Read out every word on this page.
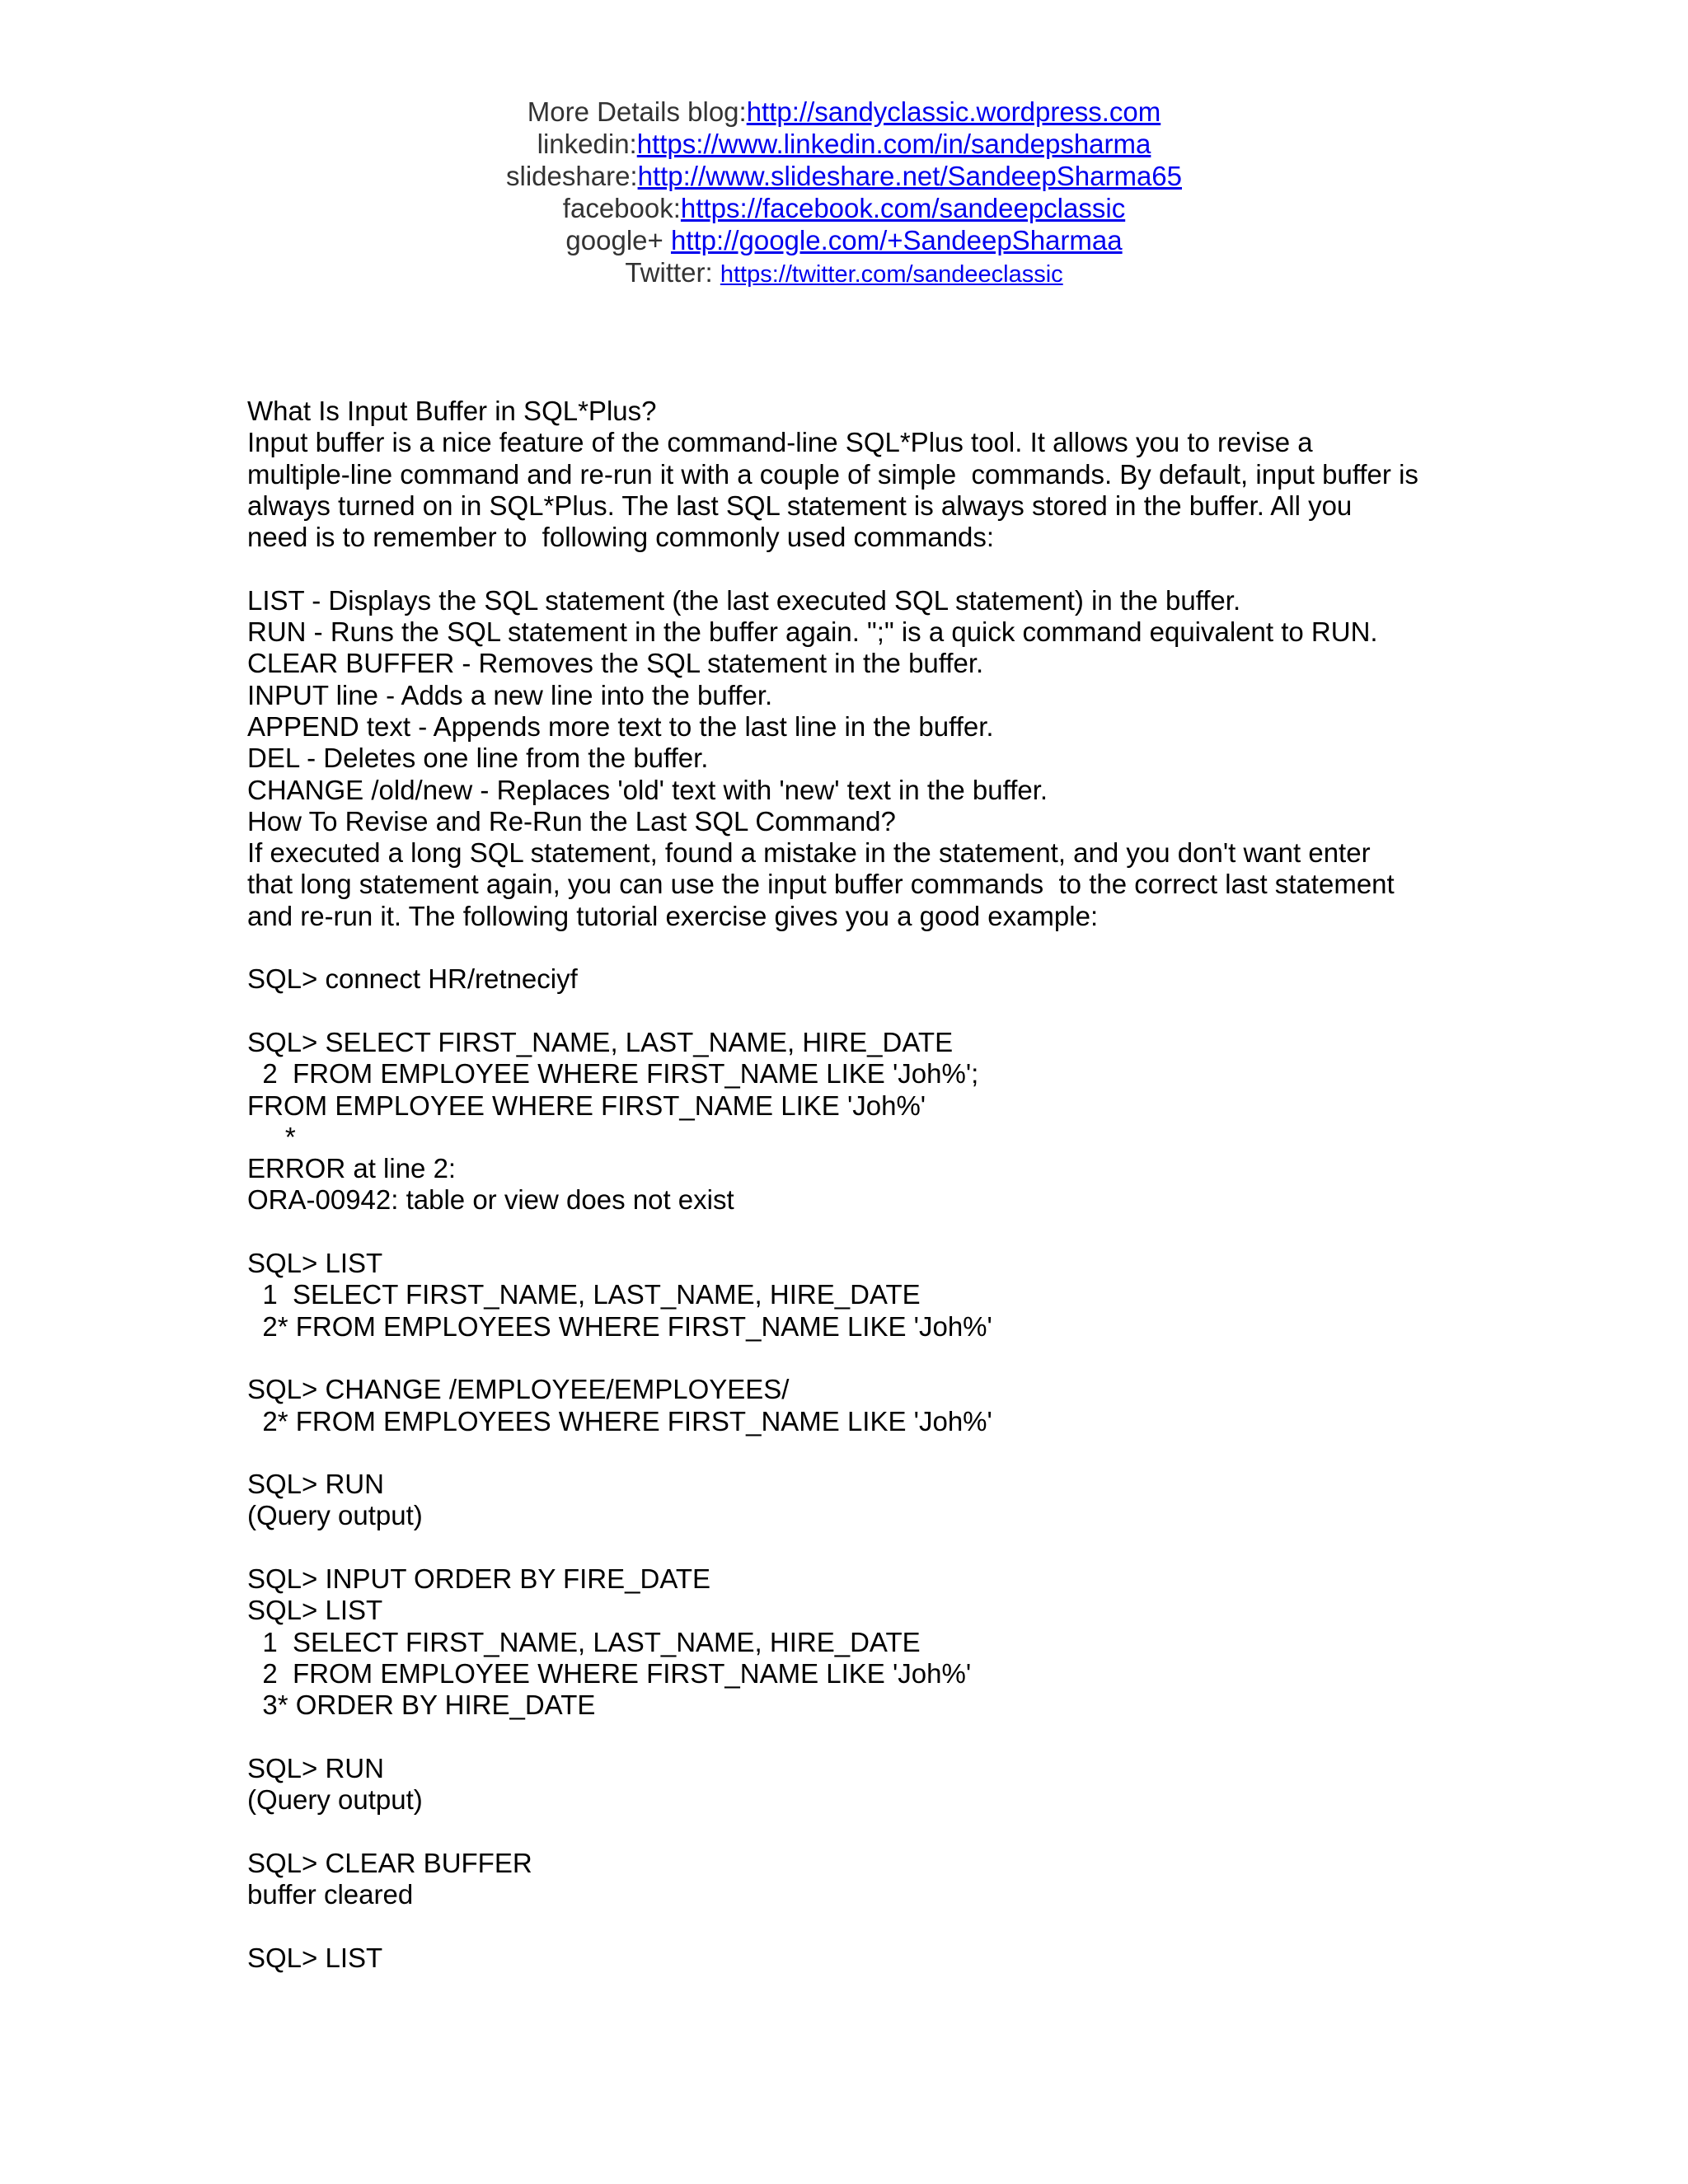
More Details blog:http://sandyclassic.wordpress.com
linkedin:https://www.linkedin.com/in/sandepsharma
slideshare:http://www.slideshare.net/SandeepSharma65
facebook:https://facebook.com/sandeepclassic
google+ http://google.com/+SandeepSharmaa
Twitter: https://twitter.com/sandeeclassic
What Is Input Buffer in SQL*Plus?
Input buffer is a nice feature of the command-line SQL*Plus tool. It allows you to revise a
multiple-line command and re-run it with a couple of simple  commands. By default, input buffer is
always turned on in SQL*Plus. The last SQL statement is always stored in the buffer. All you
need is to remember to  following commonly used commands:
LIST - Displays the SQL statement (the last executed SQL statement) in the buffer.
RUN - Runs the SQL statement in the buffer again. ";" is a quick command equivalent to RUN.
CLEAR BUFFER - Removes the SQL statement in the buffer.
INPUT line - Adds a new line into the buffer.
APPEND text - Appends more text to the last line in the buffer.
DEL - Deletes one line from the buffer.
CHANGE /old/new - Replaces 'old' text with 'new' text in the buffer.
How To Revise and Re-Run the Last SQL Command?
If executed a long SQL statement, found a mistake in the statement, and you don't want enter
that long statement again, you can use the input buffer commands  to the correct last statement
and re-run it. The following tutorial exercise gives you a good example:
SQL> connect HR/retneciyf
SQL> SELECT FIRST_NAME, LAST_NAME, HIRE_DATE
2  FROM EMPLOYEE WHERE FIRST_NAME LIKE 'Joh%';
FROM EMPLOYEE WHERE FIRST_NAME LIKE 'Joh%'
*
ERROR at line 2:
ORA-00942: table or view does not exist
SQL> LIST
1  SELECT FIRST_NAME, LAST_NAME, HIRE_DATE
2* FROM EMPLOYEES WHERE FIRST_NAME LIKE 'Joh%'
SQL> CHANGE /EMPLOYEE/EMPLOYEES/
2* FROM EMPLOYEES WHERE FIRST_NAME LIKE 'Joh%'
SQL> RUN
(Query output)
SQL> INPUT ORDER BY FIRE_DATE
SQL> LIST
1  SELECT FIRST_NAME, LAST_NAME, HIRE_DATE
2  FROM EMPLOYEE WHERE FIRST_NAME LIKE 'Joh%'
3* ORDER BY HIRE_DATE
SQL> RUN
(Query output)
SQL> CLEAR BUFFER
buffer cleared
SQL> LIST
